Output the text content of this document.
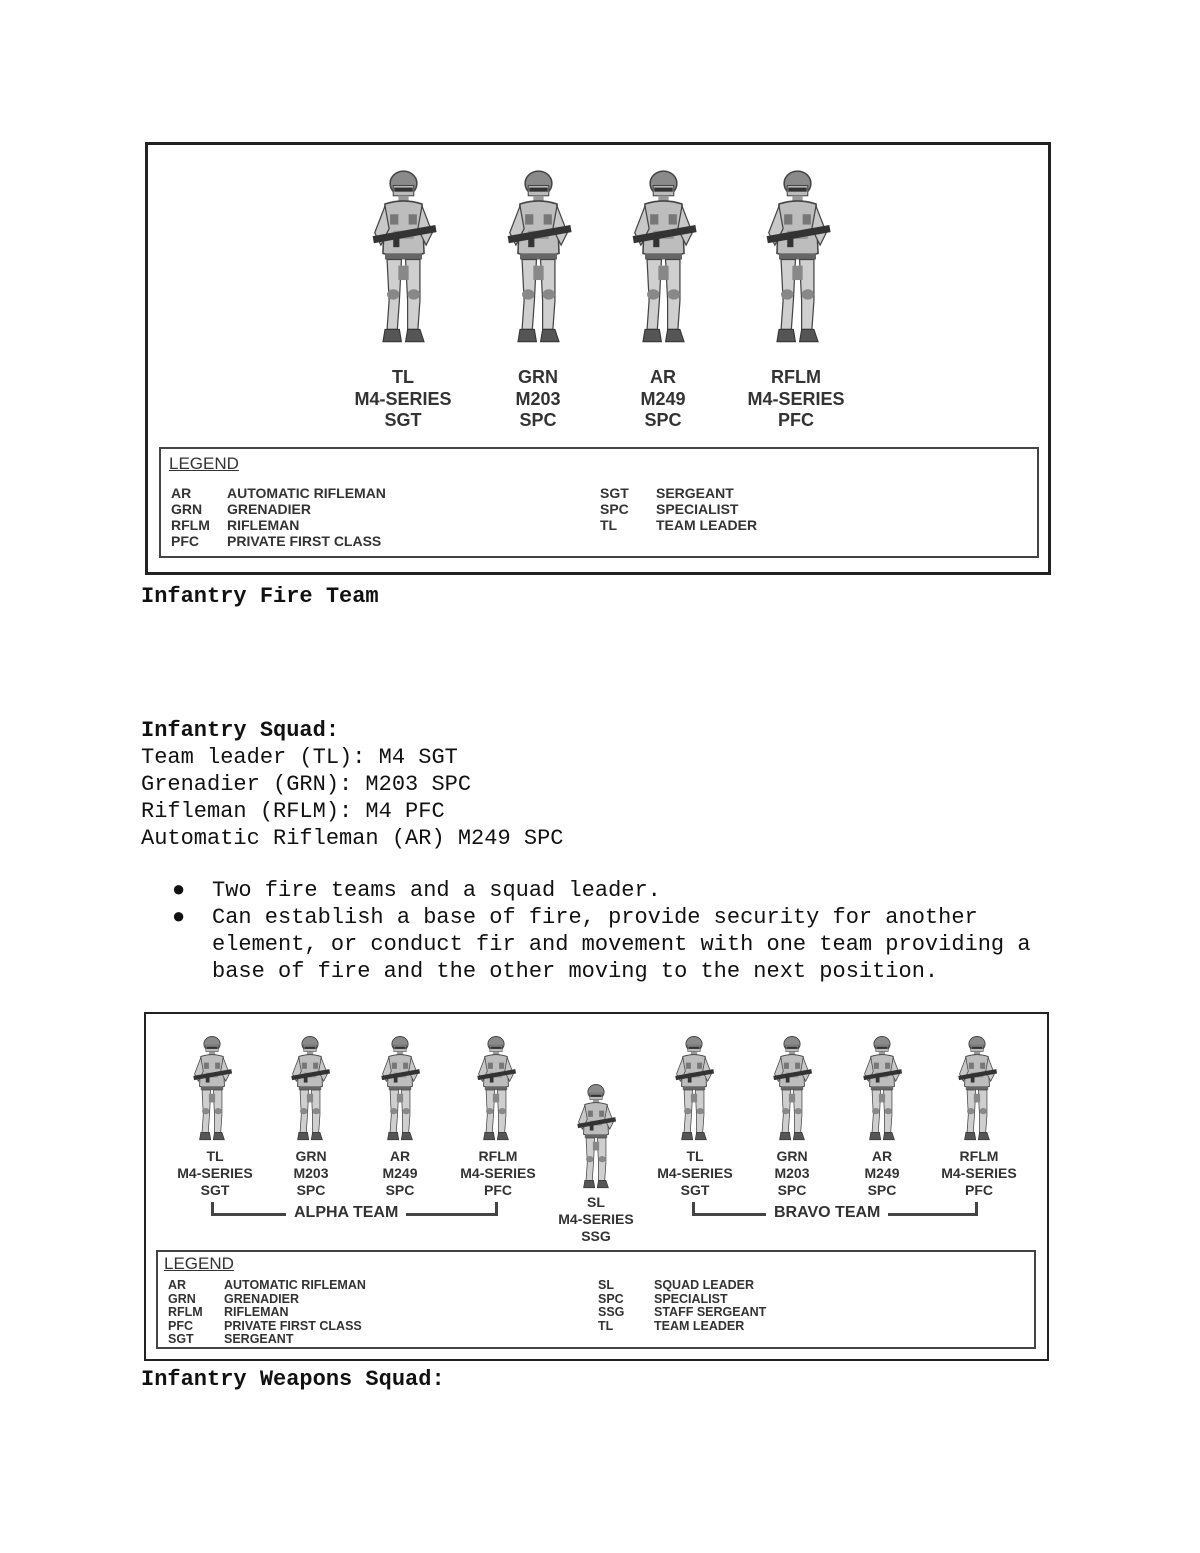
TL
M4-SERIES
SGT
GRN
M203
SPC
AR
M249
SPC
RFLM
M4-SERIES
PFC
LEGEND
AR	AUTOMATIC RIFLEMAN
GRN	GRENADIER
RFLM	RIFLEMAN
PFC	PRIVATE FIRST CLASS
SGT	SERGEANT
SPC	SPECIALIST
TL	TEAM LEADER
Infantry Fire Team
Infantry Squad:
Team leader (TL): M4 SGT
Grenadier (GRN): M203 SPC
Rifleman (RFLM): M4 PFC
Automatic Rifleman (AR) M249 SPC
●	Two fire teams and a squad leader.
●	Can establish a base of fire, provide security for another element, or conduct fir and movement with one team providing a base of fire and the other moving to the next position.
TL
M4-SERIES
SGT
GRN
M203
SPC
AR
M249
SPC
RFLM
M4-SERIES
PFC
SL
M4-SERIES
SSG
TL
M4-SERIES
SGT
GRN
M203
SPC
AR
M249
SPC
RFLM
M4-SERIES
PFC
ALPHA TEAM	BRAVO TEAM
LEGEND
AR	AUTOMATIC RIFLEMAN
GRN	GRENADIER
RFLM	RIFLEMAN
PFC	PRIVATE FIRST CLASS
SGT	SERGEANT
SL	SQUAD LEADER
SPC	SPECIALIST
SSG	STAFF SERGEANT
TL	TEAM LEADER
Infantry Weapons Squad:
